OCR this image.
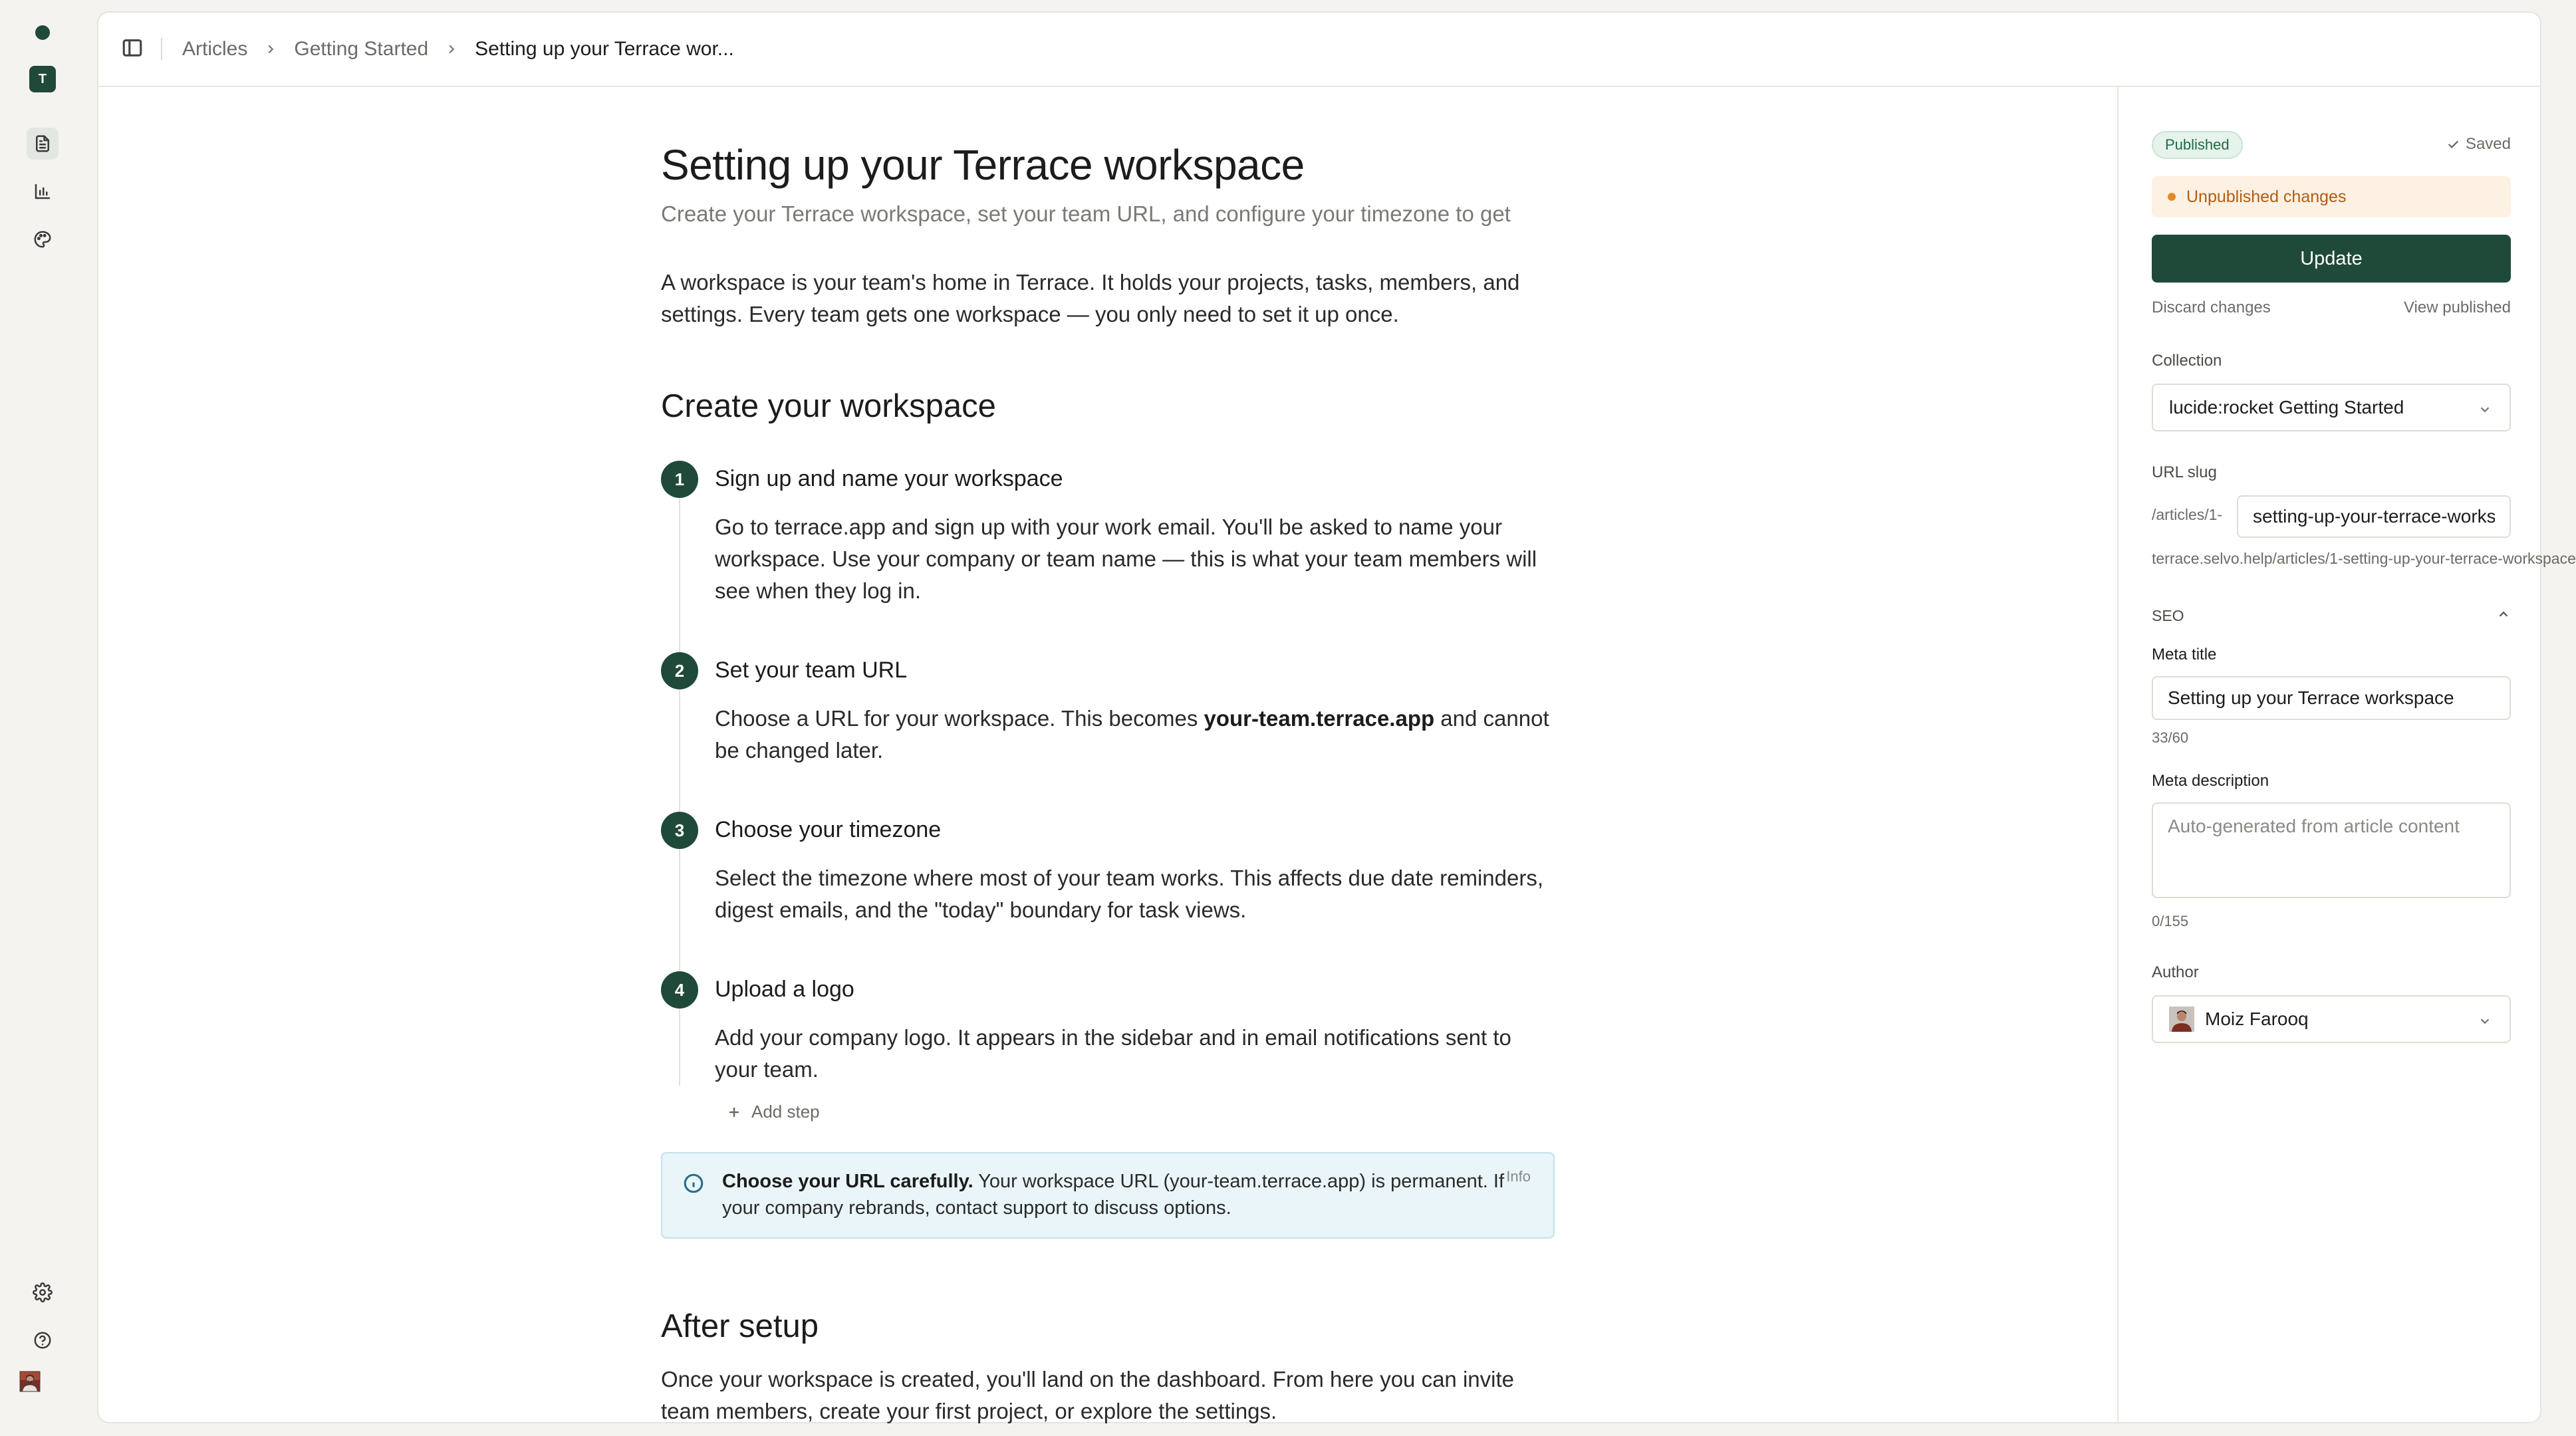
T
Articles Getting Started Setting up your Terrace wor...
Setting up your Terrace workspace
Create your Terrace workspace, set your team URL, and configure your timezone to get
A workspace is your team's home in Terrace. It holds your projects, tasks, members, and settings. Every team gets one workspace — you only need to set it up once.
Create your workspace
1	Sign up and name your workspace
Go to terrace.app and sign up with your work email. You'll be asked to name your workspace. Use your company or team name — this is what your team members will see when they log in.
2	Set your team URL
Choose a URL for your workspace. This becomes your-team.terrace.app and cannot be changed later.
3	Choose your timezone
Select the timezone where most of your team works. This affects due date reminders, digest emails, and the "today" boundary for task views.
4	Upload a logo
Add your company logo. It appears in the sidebar and in email notifications sent to your team.
Add step
Choose your URL carefully. Your workspace URL (your-team.terrace.app) is permanent. If your company rebrands, contact support to discuss options.
Info
After setup
Once your workspace is created, you'll land on the dashboard. From here you can invite team members, create your first project, or explore the settings.
Published	Saved
Unpublished changes
Update
Discard changes	View published
Collection
lucide:rocket Getting Started
URL slug
/articles/1-
setting-up-your-terrace-workspace
terrace.selvo.help/articles/1-setting-up-your-terrace-workspace
SEO
Meta title
Setting up your Terrace workspace
33/60
Meta description
Auto-generated from article content
0/155
Author
Moiz Farooq
